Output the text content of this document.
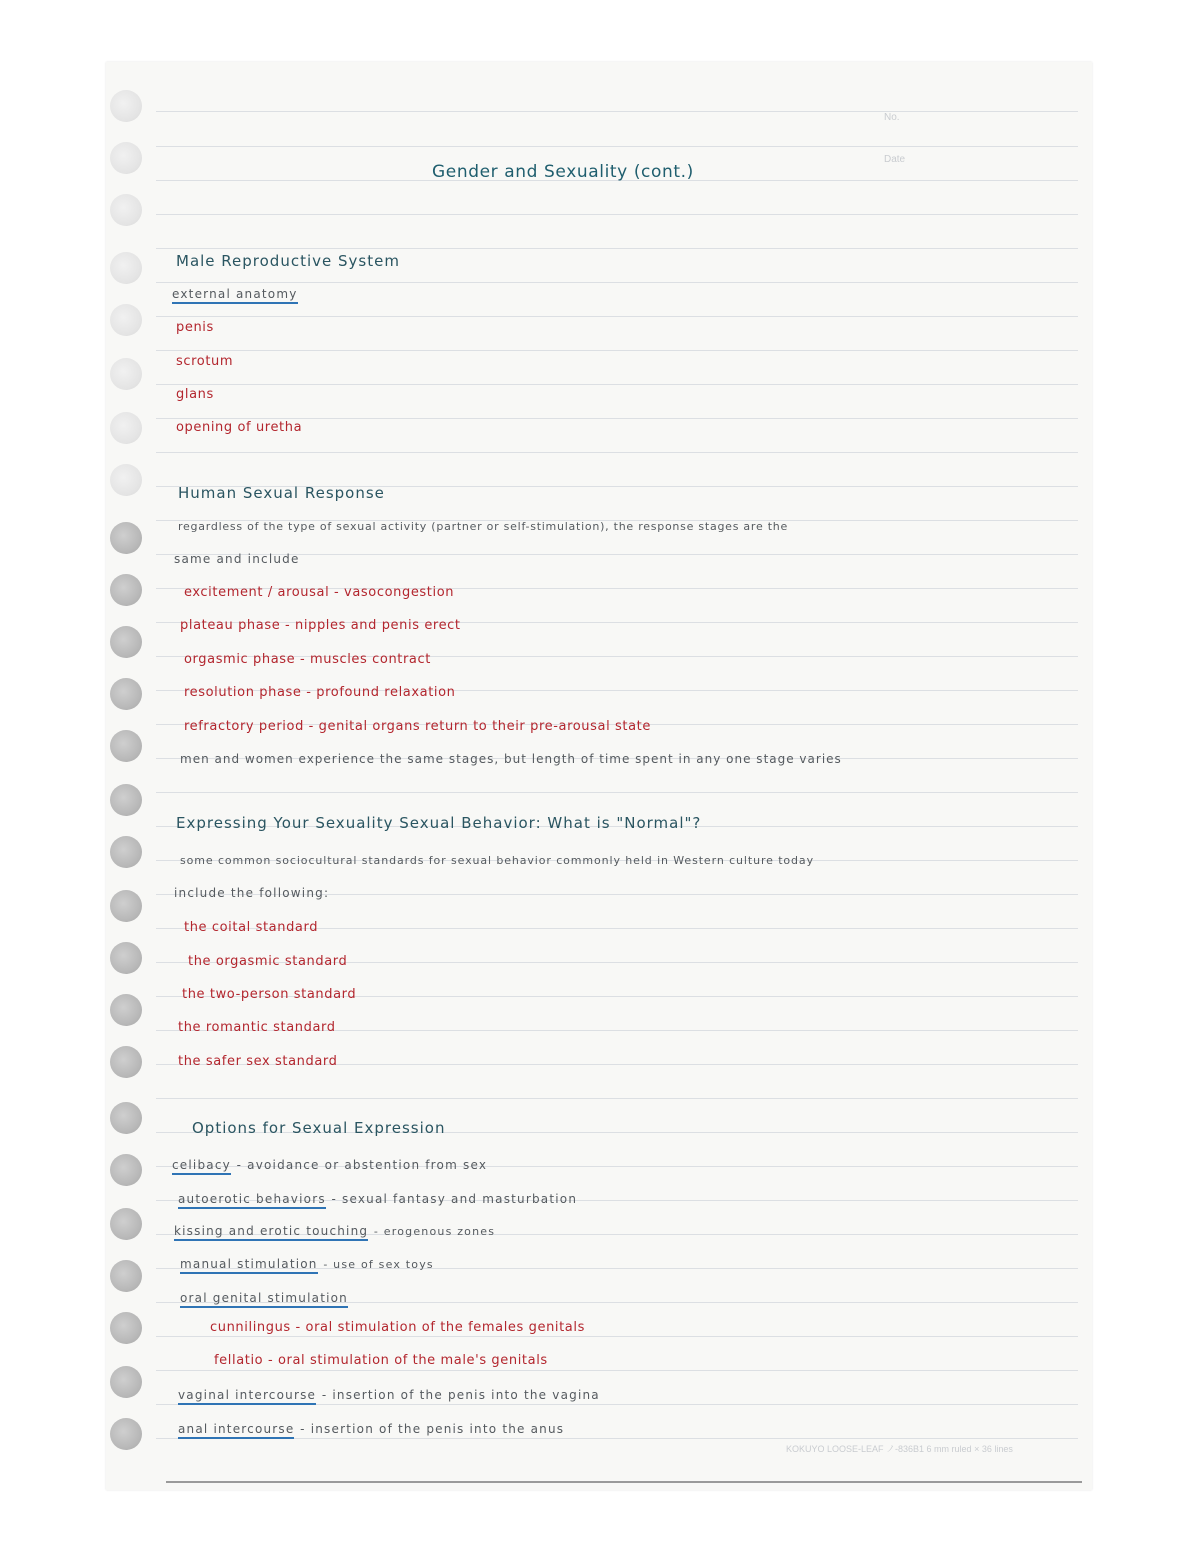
No.
Date
Gender and Sexuality (cont.)
Male Reproductive System
external anatomy
penis
scrotum
glans
opening of uretha
Human Sexual Response
regardless of the type of sexual activity (partner or self-stimulation), the response stages are the
same and include
excitement / arousal - vasocongestion
plateau phase - nipples and penis erect
orgasmic phase - muscles contract
resolution phase - profound relaxation
refractory period - genital organs return to their pre-arousal state
men and women experience the same stages, but length of time spent in any one stage varies
Expressing Your Sexuality Sexual Behavior: What is "Normal"?
some common sociocultural standards for sexual behavior commonly held in Western culture today
include the following:
the coital standard
the orgasmic standard
the two-person standard
the romantic standard
the safer sex standard
Options for Sexual Expression
celibacy - avoidance or abstention from sex
autoerotic behaviors - sexual fantasy and masturbation
kissing and erotic touching - erogenous zones
manual stimulation - use of sex toys
oral genital stimulation
cunnilingus - oral stimulation of the females genitals
fellatio - oral stimulation of the male's genitals
vaginal intercourse - insertion of the penis into the vagina
anal intercourse - insertion of the penis into the anus
KOKUYO LOOSE-LEAF ノ-836B1 6 mm ruled × 36 lines
